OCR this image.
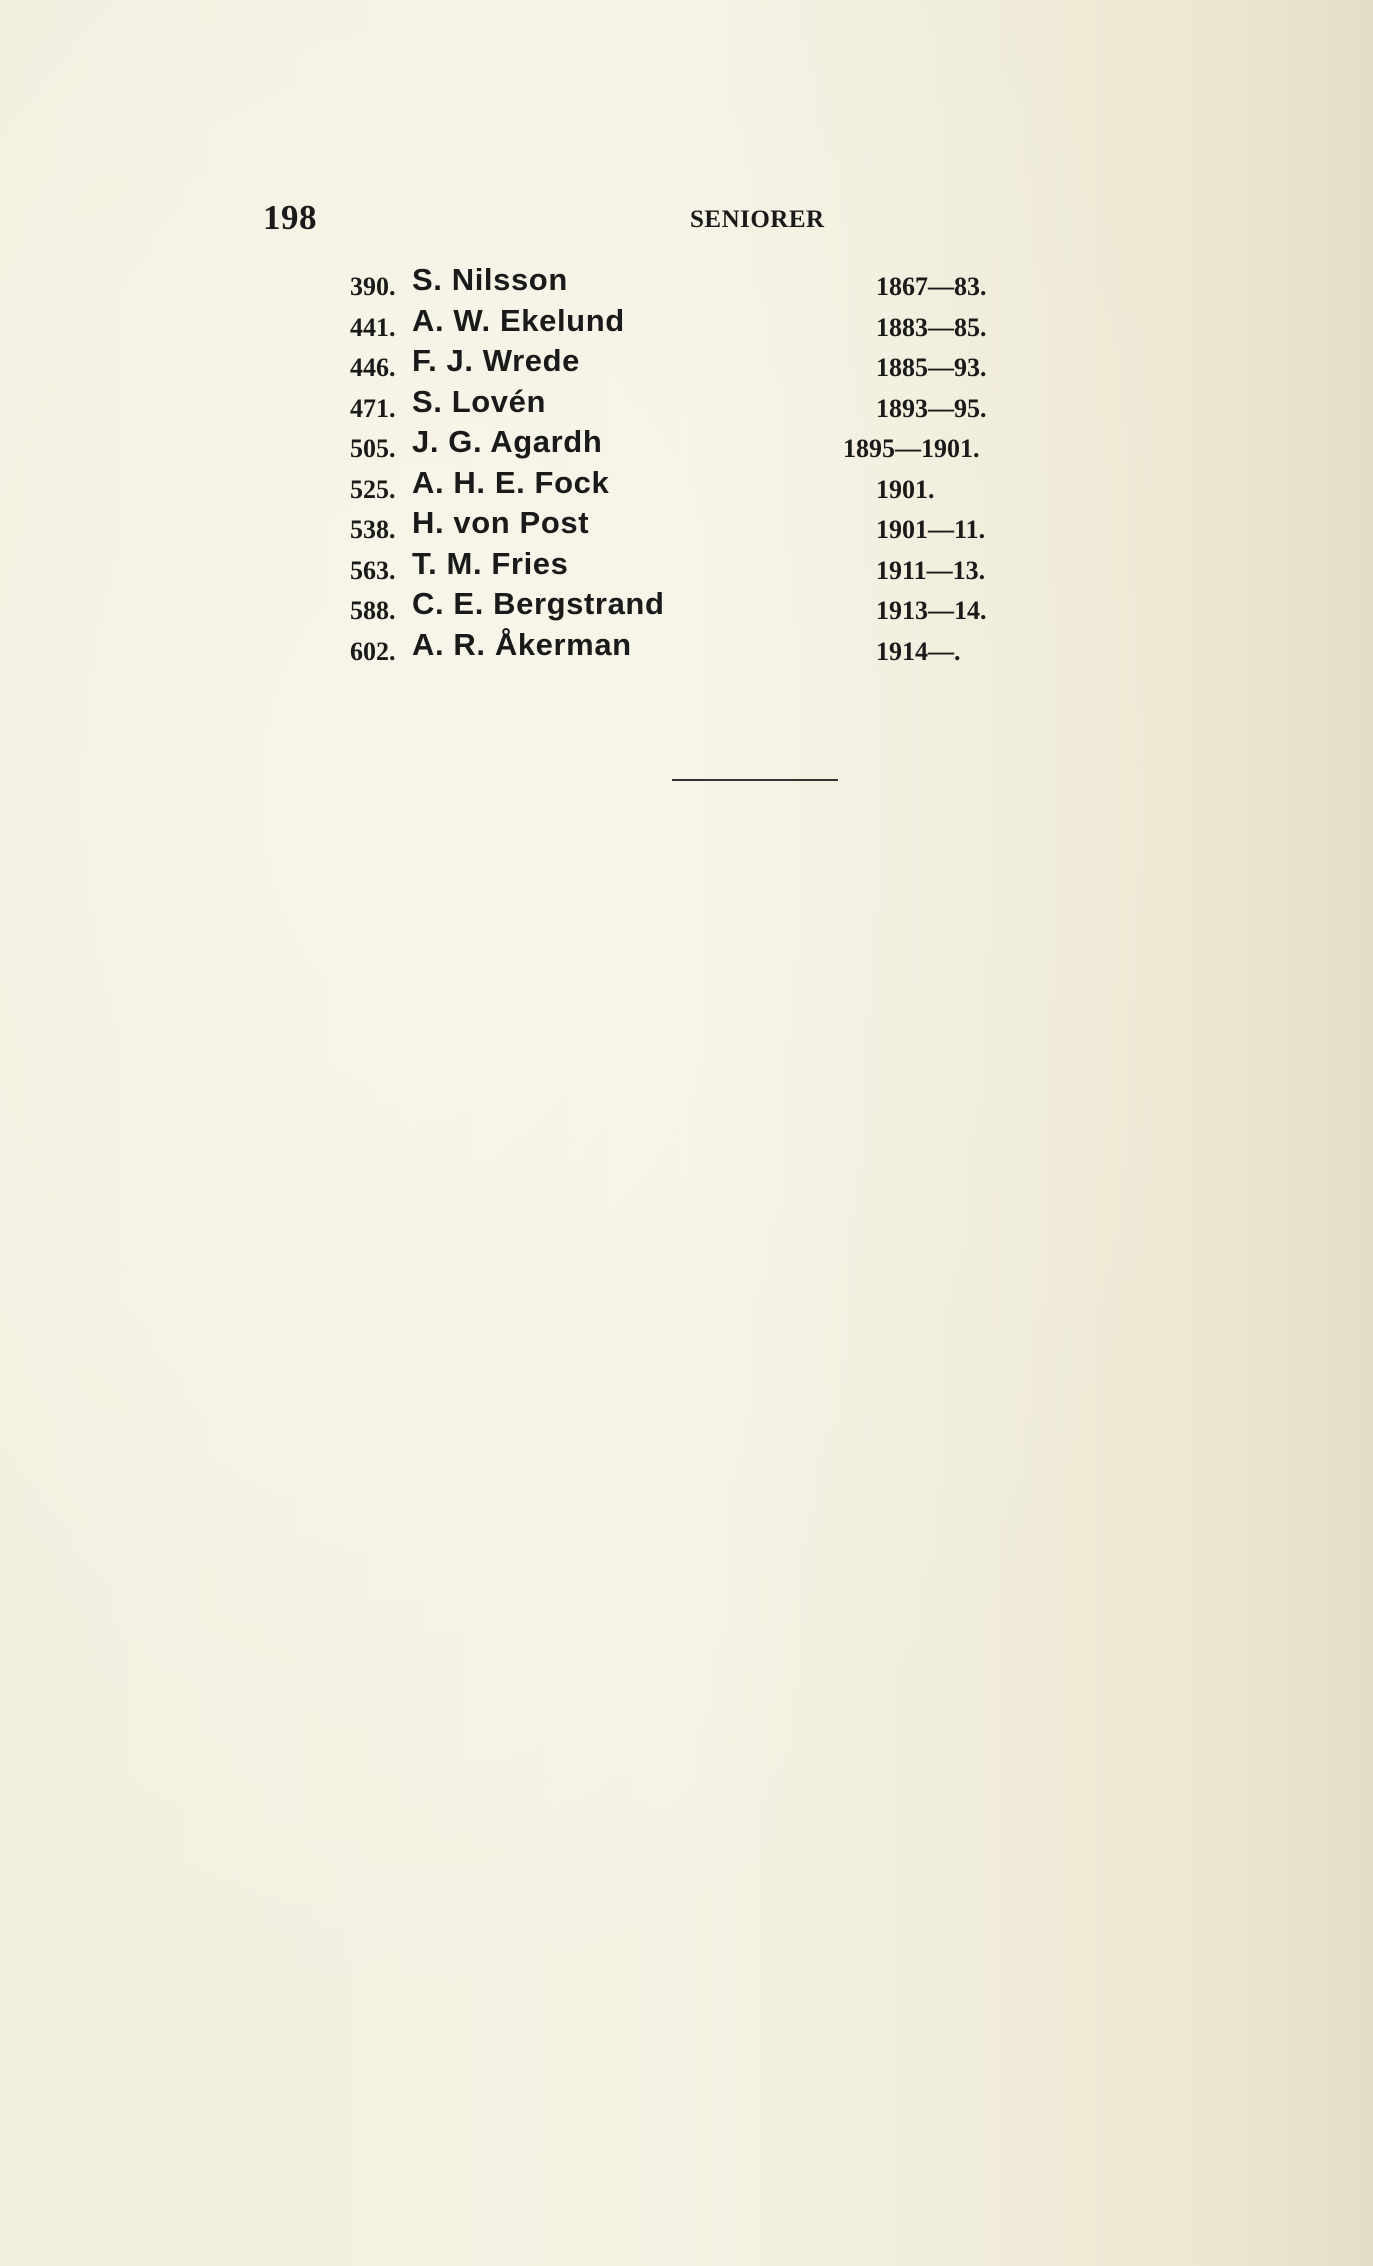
198	SENIORER
390. S. Nilsson	1867—83.
441. A. W. Ekelund	1883—85.
446. F. J. Wrede	1885—93.
471. S. Lovén	1893—95.
505. J. G. Agardh	1895—1901.
525. A. H. E. Fock	1901.
538. H. von Post	1901—11.
563. T. M. Fries	1911—13.
588. C. E. Bergstrand	1913—14.
602. A. R. Åkerman	1914—.
